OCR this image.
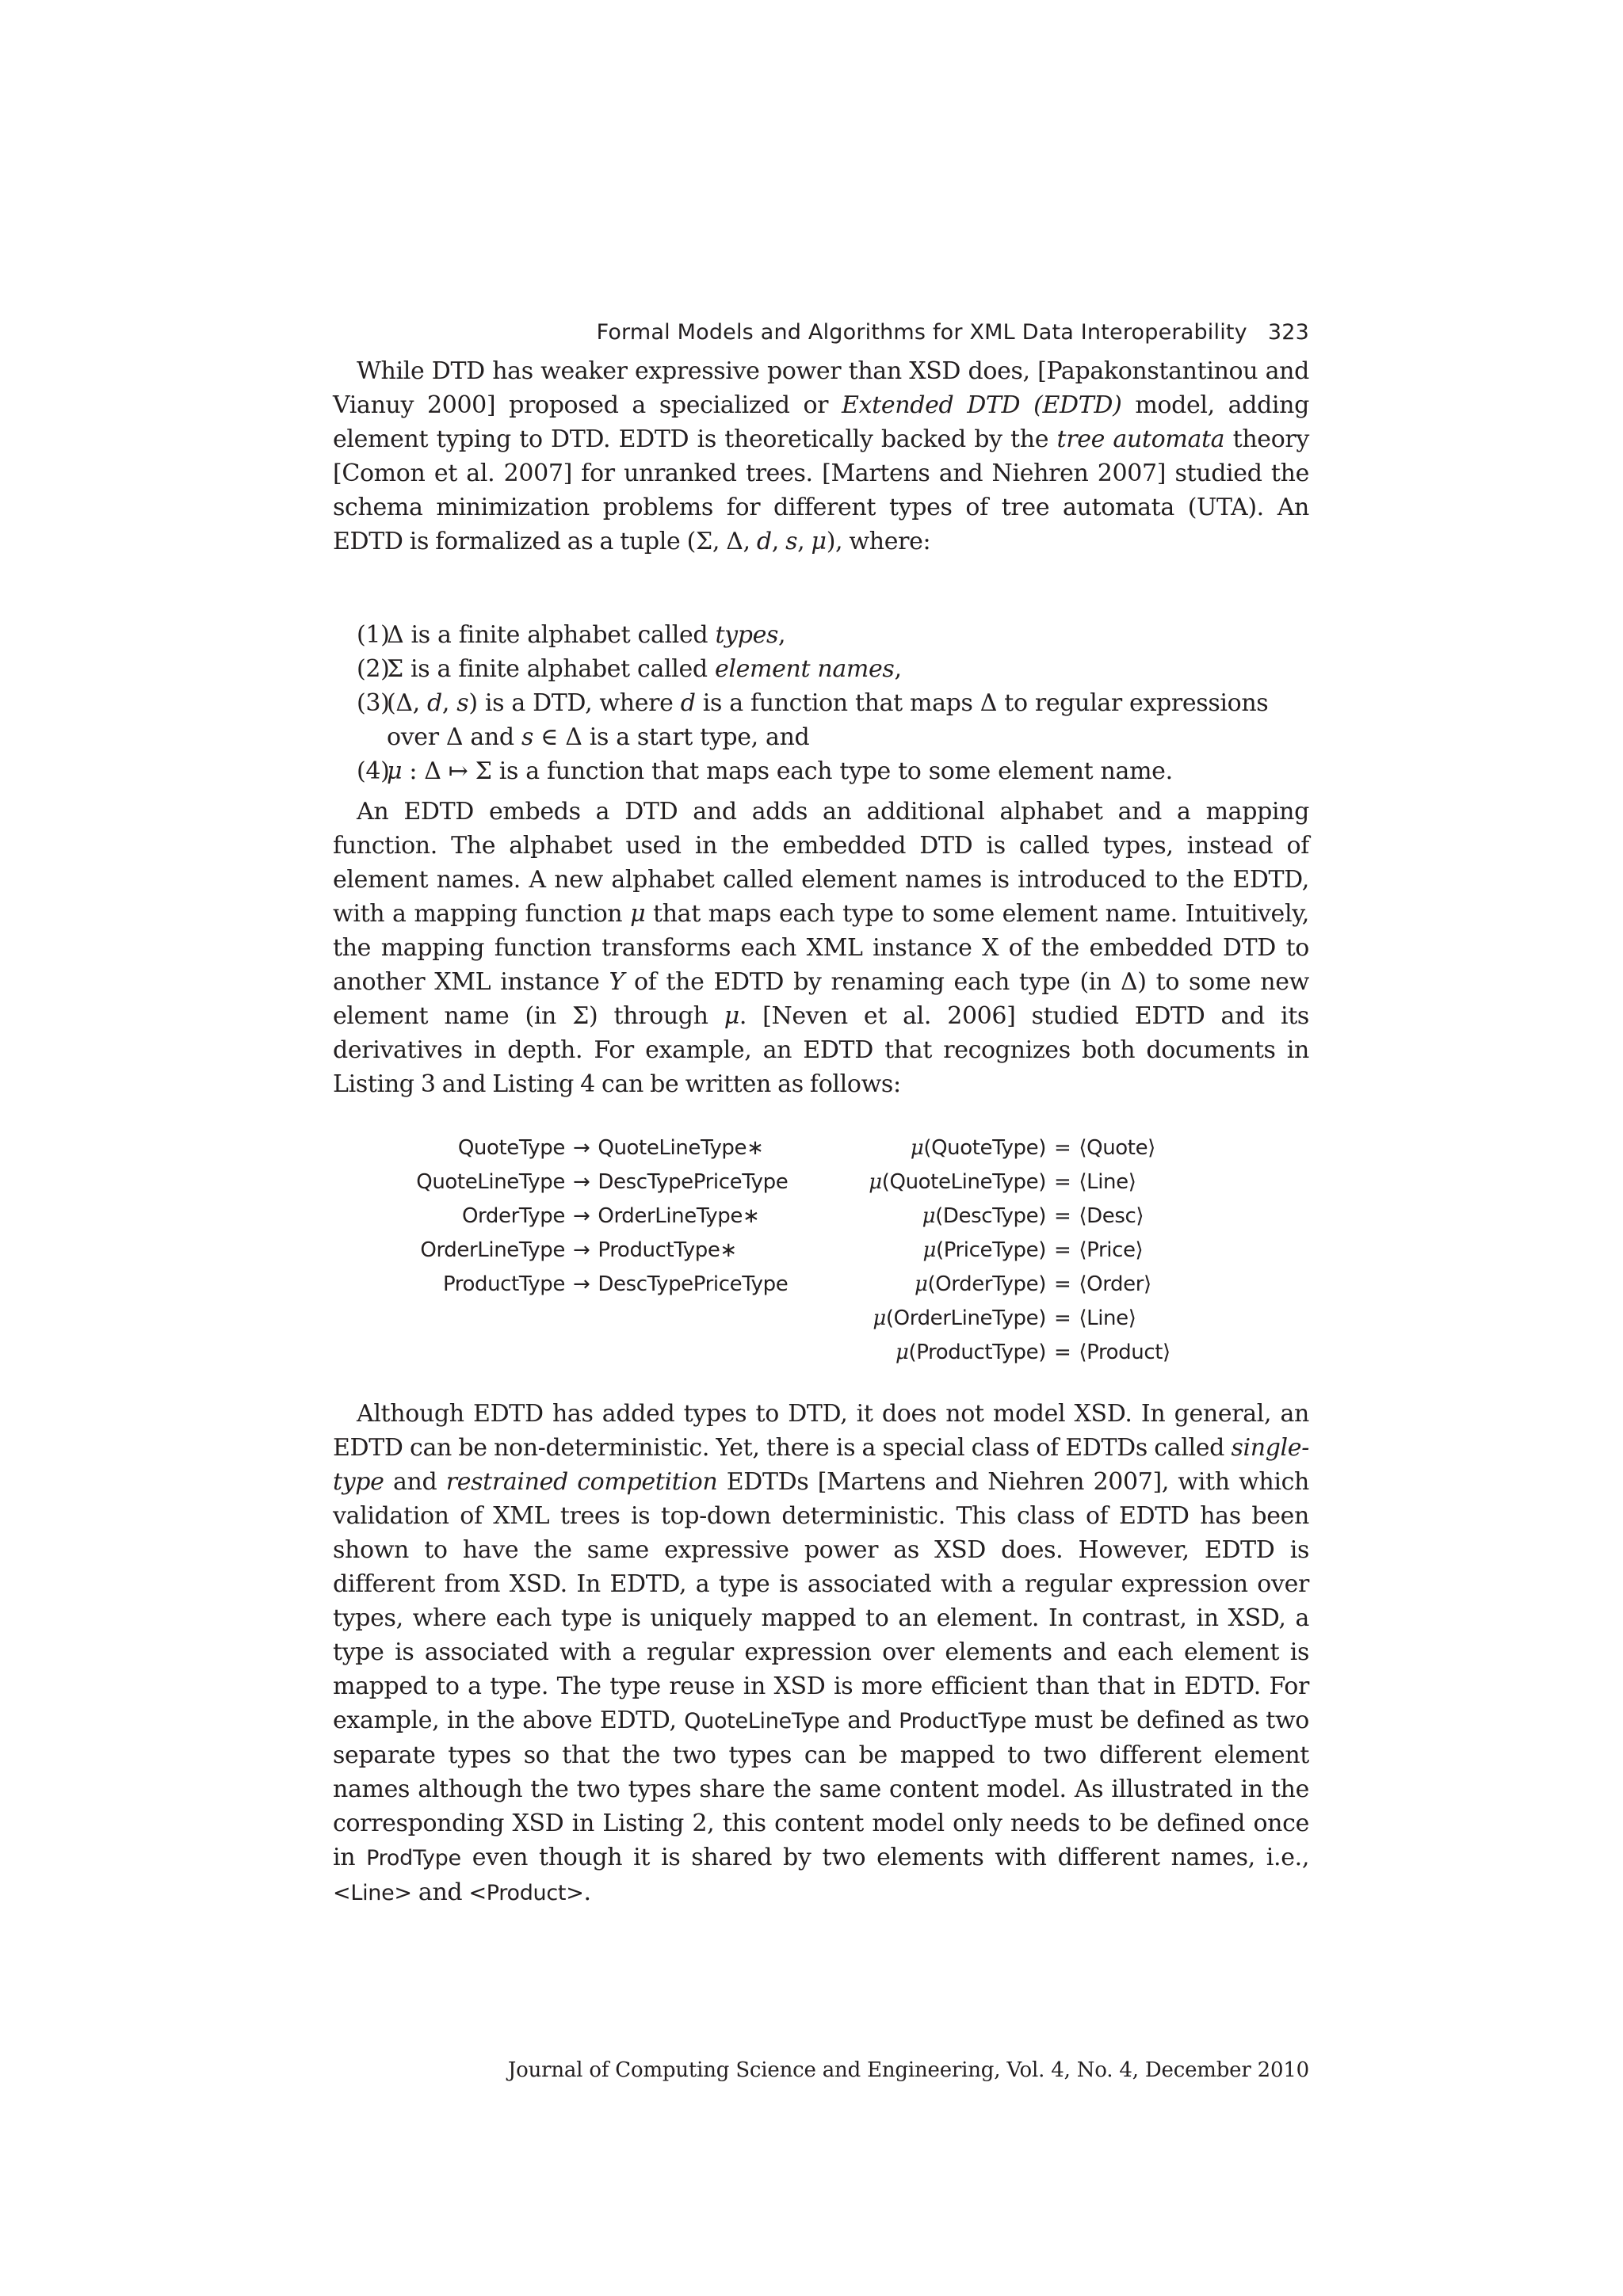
Formal Models and Algorithms for XML Data Interoperability 323

While DTD has weaker expressive power than XSD does, [Papakonstantinou and Vianuy 2000] proposed a specialized or Extended DTD (EDTD) model, adding element typing to DTD. EDTD is theoretically backed by the tree automata theory [Comon et al. 2007] for unranked trees. [Martens and Niehren 2007] studied the schema minimization problems for different types of tree automata (UTA). An EDTD is formalized as a tuple (Σ, Δ, d, s, μ), where:

(1)Δ is a finite alphabet called types,
(2)Σ is a finite alphabet called element names,
(3)(Δ, d, s) is a DTD, where d is a function that maps Δ to regular expressions over Δ and s ∈ Δ is a start type, and
(4)μ : Δ ↦ Σ is a function that maps each type to some element name.

An EDTD embeds a DTD and adds an additional alphabet and a mapping function. The alphabet used in the embedded DTD is called types, instead of element names. A new alphabet called element names is introduced to the EDTD, with a mapping function μ that maps each type to some element name. Intuitively, the mapping function transforms each XML instance X of the embedded DTD to another XML instance Y of the EDTD by renaming each type (in Δ) to some new element name (in Σ) through μ. [Neven et al. 2006] studied EDTD and its derivatives in depth. For example, an EDTD that recognizes both documents in Listing 3 and Listing 4 can be written as follows:

QuoteType → QuoteLineType∗
QuoteLineType → DescTypePriceType
OrderType → OrderLineType∗
OrderLineType → ProductType∗
ProductType → DescTypePriceType
μ(QuoteType) = ⟨Quote⟩
μ(QuoteLineType) = ⟨Line⟩
μ(DescType) = ⟨Desc⟩
μ(PriceType) = ⟨Price⟩
μ(OrderType) = ⟨Order⟩
μ(OrderLineType) = ⟨Line⟩
μ(ProductType) = ⟨Product⟩

Although EDTD has added types to DTD, it does not model XSD. In general, an EDTD can be non-deterministic. Yet, there is a special class of EDTDs called single-type and restrained competition EDTDs [Martens and Niehren 2007], with which validation of XML trees is top-down deterministic. This class of EDTD has been shown to have the same expressive power as XSD does. However, EDTD is different from XSD. In EDTD, a type is associated with a regular expression over types, where each type is uniquely mapped to an element. In contrast, in XSD, a type is associated with a regular expression over elements and each element is mapped to a type. The type reuse in XSD is more efficient than that in EDTD. For example, in the above EDTD, QuoteLineType and ProductType must be defined as two separate types so that the two types can be mapped to two different element names although the two types share the same content model. As illustrated in the corresponding XSD in Listing 2, this content model only needs to be defined once in ProdType even though it is shared by two elements with different names, i.e., <Line> and <Product>.

Journal of Computing Science and Engineering, Vol. 4, No. 4, December 2010
